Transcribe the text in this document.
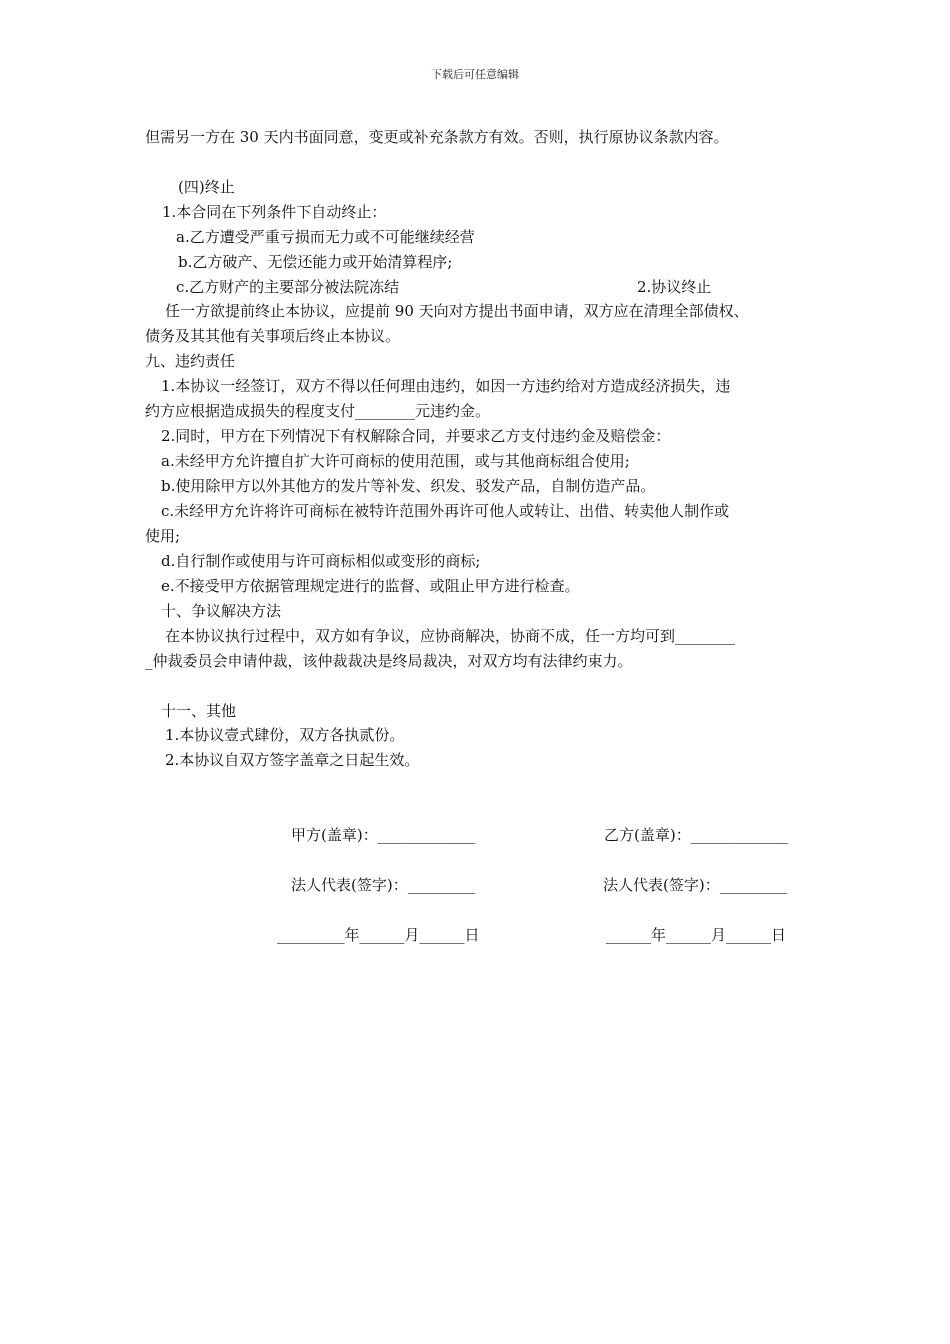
下载后可任意编辑
但需另一方在 30 天内书面同意，变更或补充条款方有效。否则，执行原协议条款内容。
(四)终止
1.本合同在下列条件下自动终止：
a.乙方遭受严重亏损而无力或不可能继续经营
b.乙方破产、无偿还能力或开始清算程序;
c.乙方财产的主要部分被法院冻结	2.协议终止
任一方欲提前终止本协议，应提前 90 天向对方提出书面申请，双方应在清理全部债权、
债务及其其他有关事项后终止本协议。
九、违约责任
1.本协议一经签订，双方不得以任何理由违约，如因一方违约给对方造成经济损失，违
约方应根据造成损失的程度支付________元违约金。
2.同时，甲方在下列情况下有权解除合同，并要求乙方支付违约金及赔偿金：
a.未经甲方允许擅自扩大许可商标的使用范围，或与其他商标组合使用;
b.使用除甲方以外其他方的发片等补发、织发、驳发产品，自制仿造产品。
c.未经甲方允许将许可商标在被特许范围外再许可他人或转让、出借、转卖他人制作或
使用;
d.自行制作或使用与许可商标相似或变形的商标;
e.不接受甲方依据管理规定进行的监督、或阻止甲方进行检查。
十、争议解决方法
在本协议执行过程中，双方如有争议，应协商解决，协商不成，任一方均可到________
_仲裁委员会申请仲裁，该仲裁裁决是终局裁决，对双方均有法律约束力。
十一、其他
1.本协议壹式肆份，双方各执贰份。
2.本协议自双方签字盖章之日起生效。
甲方(盖章)：_____________	乙方(盖章)：_____________
法人代表(签字)：_________	法人代表(签字)：_________
_________年______月______日	______年______月______日
